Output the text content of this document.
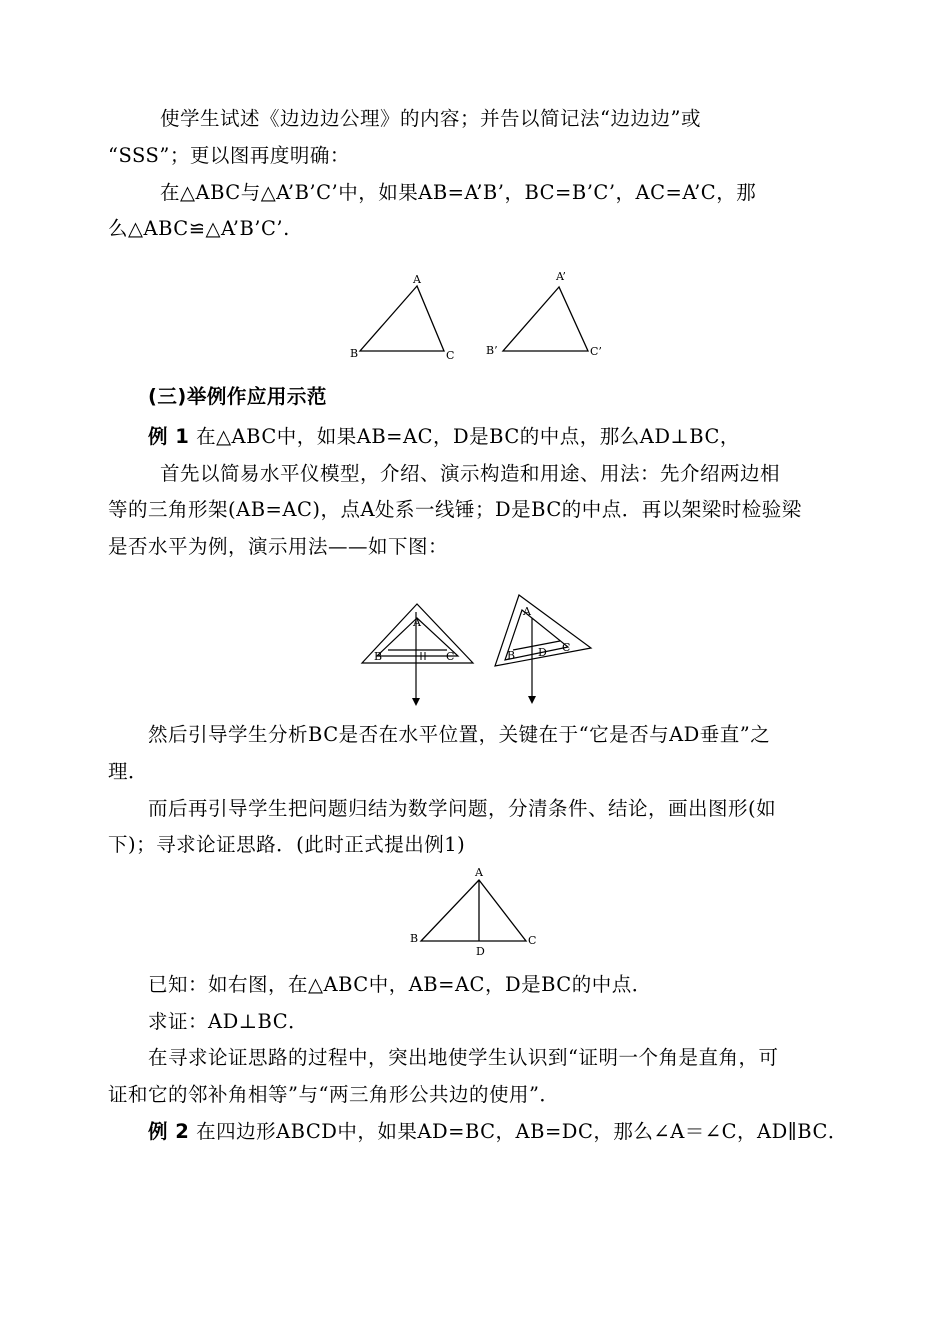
使学生试述《边边边公理》的内容；并告以简记法“边边边”或
“SSS”；更以图再度明确：
在△ABC与△A’B’C’中，如果AB=A’B’，BC=B’C’，AC=A’C，那
么△ABC≌△A’B’C’.
A
B	C
A’
B’	C’
(三)举例作应用示范
例 1 在△ABC中，如果AB=AC，D是BC的中点，那么AD⊥BC，
首先以简易水平仪模型，介绍、演示构造和用途、用法：先介绍两边相
等的三角形架(AB=AC)，点A处系一线锤；D是BC的中点．再以架梁时检验梁
是否水平为例，演示用法——如下图：
A
B	C
A
B D C
然后引导学生分析BC是否在水平位置，关键在于“它是否与AD垂直”之
理．
而后再引导学生把问题归结为数学问题，分清条件、结论，画出图形(如
下)；寻求论证思路．(此时正式提出例1)
A
B	C
D
已知：如右图，在△ABC中，AB=AC，D是BC的中点．
求证：AD⊥BC．
在寻求论证思路的过程中，突出地使学生认识到“证明一个角是直角，可
证和它的邻补角相等”与“两三角形公共边的使用”．
例 2 在四边形ABCD中，如果AD=BC，AB=DC，那么∠A＝∠C，AD∥BC．
